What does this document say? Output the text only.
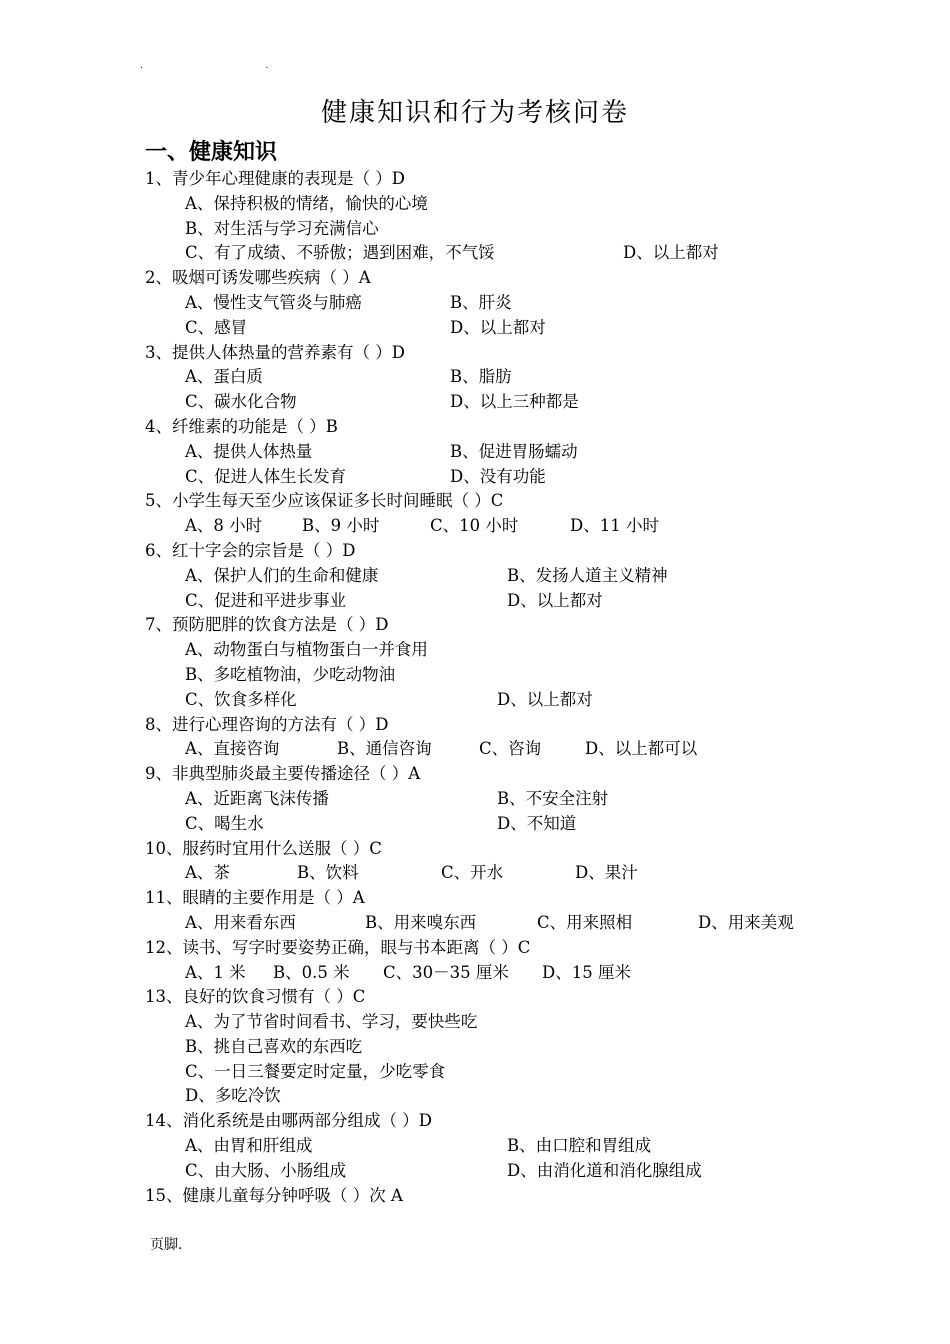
. .
健康知识和行为考核问卷
一、健康知识
1、青少年心理健康的表现是（ ）D
A、保持积极的情绪，愉快的心境
B、对生活与学习充满信心
C、有了成绩、不骄傲；遇到困难，不气馁	D、以上都对
2、吸烟可诱发哪些疾病（ ）A
A、慢性支气管炎与肺癌	B、肝炎
C、感冒	D、以上都对
3、提供人体热量的营养素有（ ）D
A、蛋白质	B、脂肪
C、碳水化合物	D、以上三种都是
4、纤维素的功能是（ ）B
A、提供人体热量	B、促进胃肠蠕动
C、促进人体生长发育	D、没有功能
5、小学生每天至少应该保证多长时间睡眠（ ）C
A、8 小时 B、9 小时	C、10 小时	D、11 小时
6、红十字会的宗旨是（ ）D
A、保护人们的生命和健康	B、发扬人道主义精神
C、促进和平进步事业	D、以上都对
7、预防肥胖的饮食方法是（ ）D
A、动物蛋白与植物蛋白一并食用
B、多吃植物油，少吃动物油
C、饮食多样化	D、以上都对
8、进行心理咨询的方法有（ ）D
A、直接咨询	B、通信咨询	C、咨询	D、以上都可以
9、非典型肺炎最主要传播途径（ ）A
A、近距离飞沫传播	B、不安全注射
C、喝生水	D、不知道
10、服药时宜用什么送服（ ）C
A、茶	B、饮料	C、开水	D、果汁
11、眼睛的主要作用是（ ）A
A、用来看东西	B、用来嗅东西	C、用来照相	D、用来美观
12、读书、写字时要姿势正确，眼与书本距离（ ）C
A、1 米 B、0.5 米 C、30－35 厘米 D、15 厘米
13、良好的饮食习惯有（ ）C
A、为了节省时间看书、学习，要快些吃
B、挑自己喜欢的东西吃
C、一日三餐要定时定量，少吃零食
D、多吃冷饮
14、消化系统是由哪两部分组成（ ）D
A、由胃和肝组成	B、由口腔和胃组成
C、由大肠、小肠组成	D、由消化道和消化腺组成
15、健康儿童每分钟呼吸（ ）次 A
页脚.
